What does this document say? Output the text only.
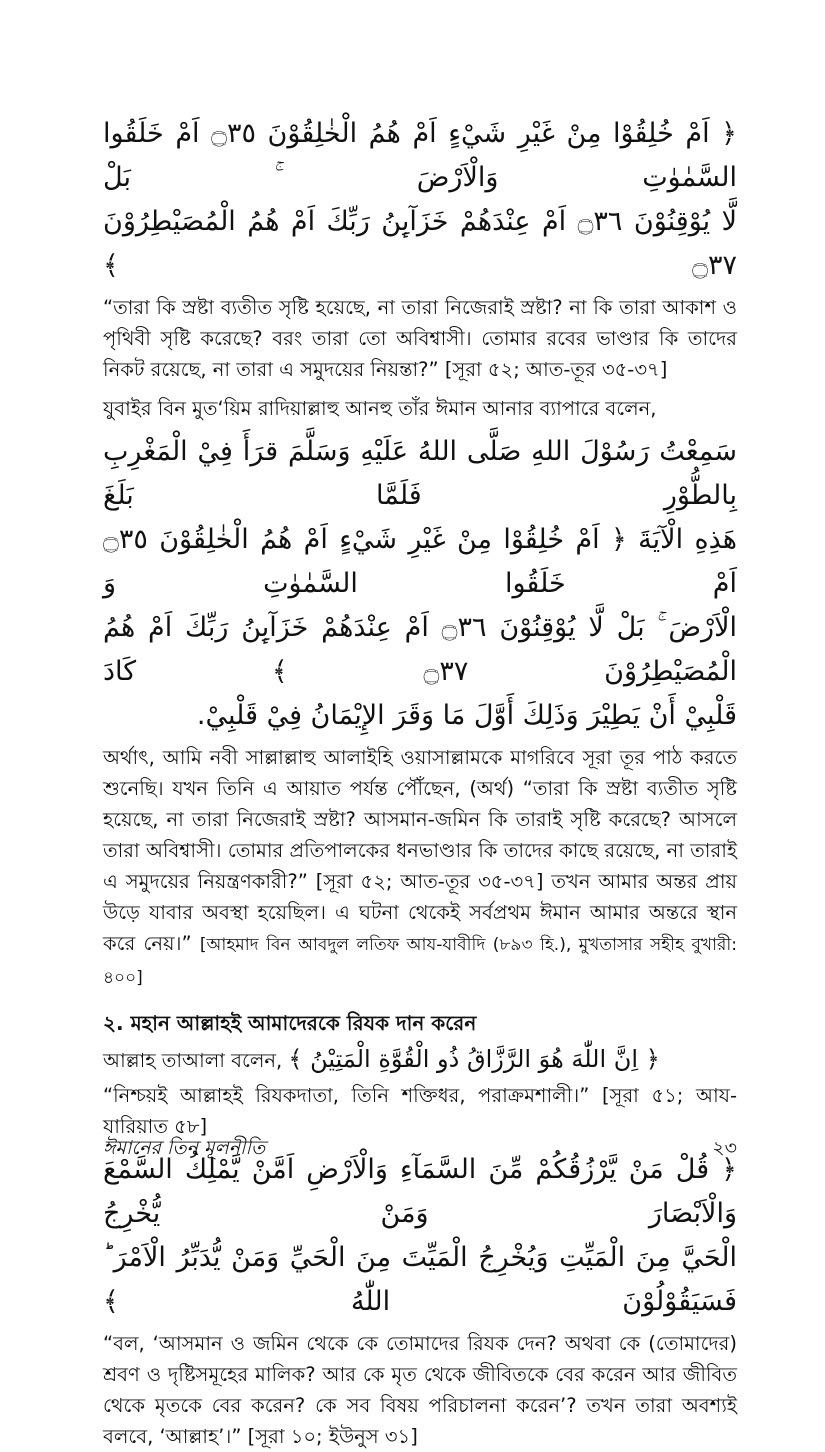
﴿ اَمْ خُلِقُوْا مِنْ غَيْرِ شَيْءٍ اَمْ هُمُ الْخٰلِقُوْنَ ۝٣٥ اَمْ خَلَقُوا السَّمٰوٰتِ وَالْاَرْضَ ۚ بَلْ
لَّا يُوْقِنُوْنَ ۝٣٦ اَمْ عِنْدَهُمْ خَزَآىِٕنُ رَبِّكَ اَمْ هُمُ الْمُصَيْطِرُوْنَ ۝٣٧ ﴾
“তারা কি স্রষ্টা ব্যতীত সৃষ্টি হয়েছে, না তারা নিজেরাই স্রষ্টা? না কি তারা আকাশ ও পৃথিবী সৃষ্টি করেছে? বরং তারা তো অবিশ্বাসী। তোমার রবের ভাণ্ডার কি তাদের নিকট রয়েছে, না তারা এ সমুদয়ের নিয়ন্তা?” [সূরা ৫২; আত-তূর ৩৫-৩৭]
যুবাইর বিন মুত‘য়িম রাদিয়াল্লাহু আনহু তাঁর ঈমান আনার ব্যাপারে বলেন,
سَمِعْتُ رَسُوْلَ اللهِ صَلَّى اللهُ عَلَيْهِ وَسَلَّمَ قرَأَ فِيْ الْمَغْرِبِ بِالطُّوْرِ فَلَمَّا بَلَغَ
هَذِهِ الْآيَةَ ﴿ اَمْ خُلِقُوْا مِنْ غَيْرِ شَيْءٍ اَمْ هُمُ الْخٰلِقُوْنَ ۝٣٥ اَمْ خَلَقُوا السَّمٰوٰتِ وَ
الْاَرْضَ ۚ بَلْ لَّا يُوْقِنُوْنَ ۝٣٦ اَمْ عِنْدَهُمْ خَزَآىِٕنُ رَبِّكَ اَمْ هُمُ الْمُصَيْطِرُوْنَ ۝٣٧ ﴾ كَادَ
قَلْبِيْ أَنْ يَطِيْرَ وَذَلِكَ أَوَّلَ مَا وَقَرَ الإِيْمَانُ فِيْ قَلْبِيْ.
অর্থাৎ, আমি নবী সাল্লাল্লাহু আলাইহি ওয়াসাল্লামকে মাগরিবে সূরা তূর পাঠ করতে শুনেছি। যখন তিনি এ আয়াত পর্যন্ত পৌঁছেন, (অর্থ) “তারা কি স্রষ্টা ব্যতীত সৃষ্টি হয়েছে, না তারা নিজেরাই স্রষ্টা? আসমান-জমিন কি তারাই সৃষ্টি করেছে? আসলে তারা অবিশ্বাসী। তোমার প্রতিপালকের ধনভাণ্ডার কি তাদের কাছে রয়েছে, না তারাই এ সমুদয়ের নিয়ন্ত্রণকারী?” [সূরা ৫২; আত-তূর ৩৫-৩৭] তখন আমার অন্তর প্রায় উড়ে যাবার অবস্থা হয়েছিল। এ ঘটনা থেকেই সর্বপ্রথম ঈমান আমার অন্তরে স্থান করে নেয়।” [আহমাদ বিন আবদুল লতিফ আয-যাবীদি (৮৯৩ হি.), মুখতাসার সহীহ বুখারী: ৪০০]
২. মহান আল্লাহই আমাদেরকে রিযক দান করেন
আল্লাহ তাআলা বলেন, ﴿ اِنَّ اللّٰهَ هُوَ الرَّزَّاقُ ذُو الْقُوَّةِ الْمَتِيْنُ ﴾
“নিশ্চয়ই আল্লাহই রিযকদাতা, তিনি শক্তিধর, পরাক্রমশালী।” [সূরা ৫১; আয-যারিয়াত ৫৮]
﴿ قُلْ مَنْ يَّرْزُقُكُمْ مِّنَ السَّمَآءِ وَالْاَرْضِ اَمَّنْ يَّمْلِكُ السَّمْعَ وَالْاَبْصَارَ وَمَنْ يُّخْرِجُ
الْحَيَّ مِنَ الْمَيِّتِ وَيُخْرِجُ الْمَيِّتَ مِنَ الْحَيِّ وَمَنْ يُّدَبِّرُ الْاَمْرَ ؕ فَسَيَقُوْلُوْنَ اللّٰهُ ﴾
“বল, ‘আসমান ও জমিন থেকে কে তোমাদের রিযক দেন? অথবা কে (তোমাদের) শ্রবণ ও দৃষ্টিসমূহের মালিক? আর কে মৃত থেকে জীবিতকে বের করেন আর জীবিত থেকে মৃতকে বের করেন? কে সব বিষয় পরিচালনা করেন’? তখন তারা অবশ্যই বলবে, ‘আল্লাহ’।” [সূরা ১০; ইউনুস ৩১]
ঈমানের তিন মূলনীতি	২৩
